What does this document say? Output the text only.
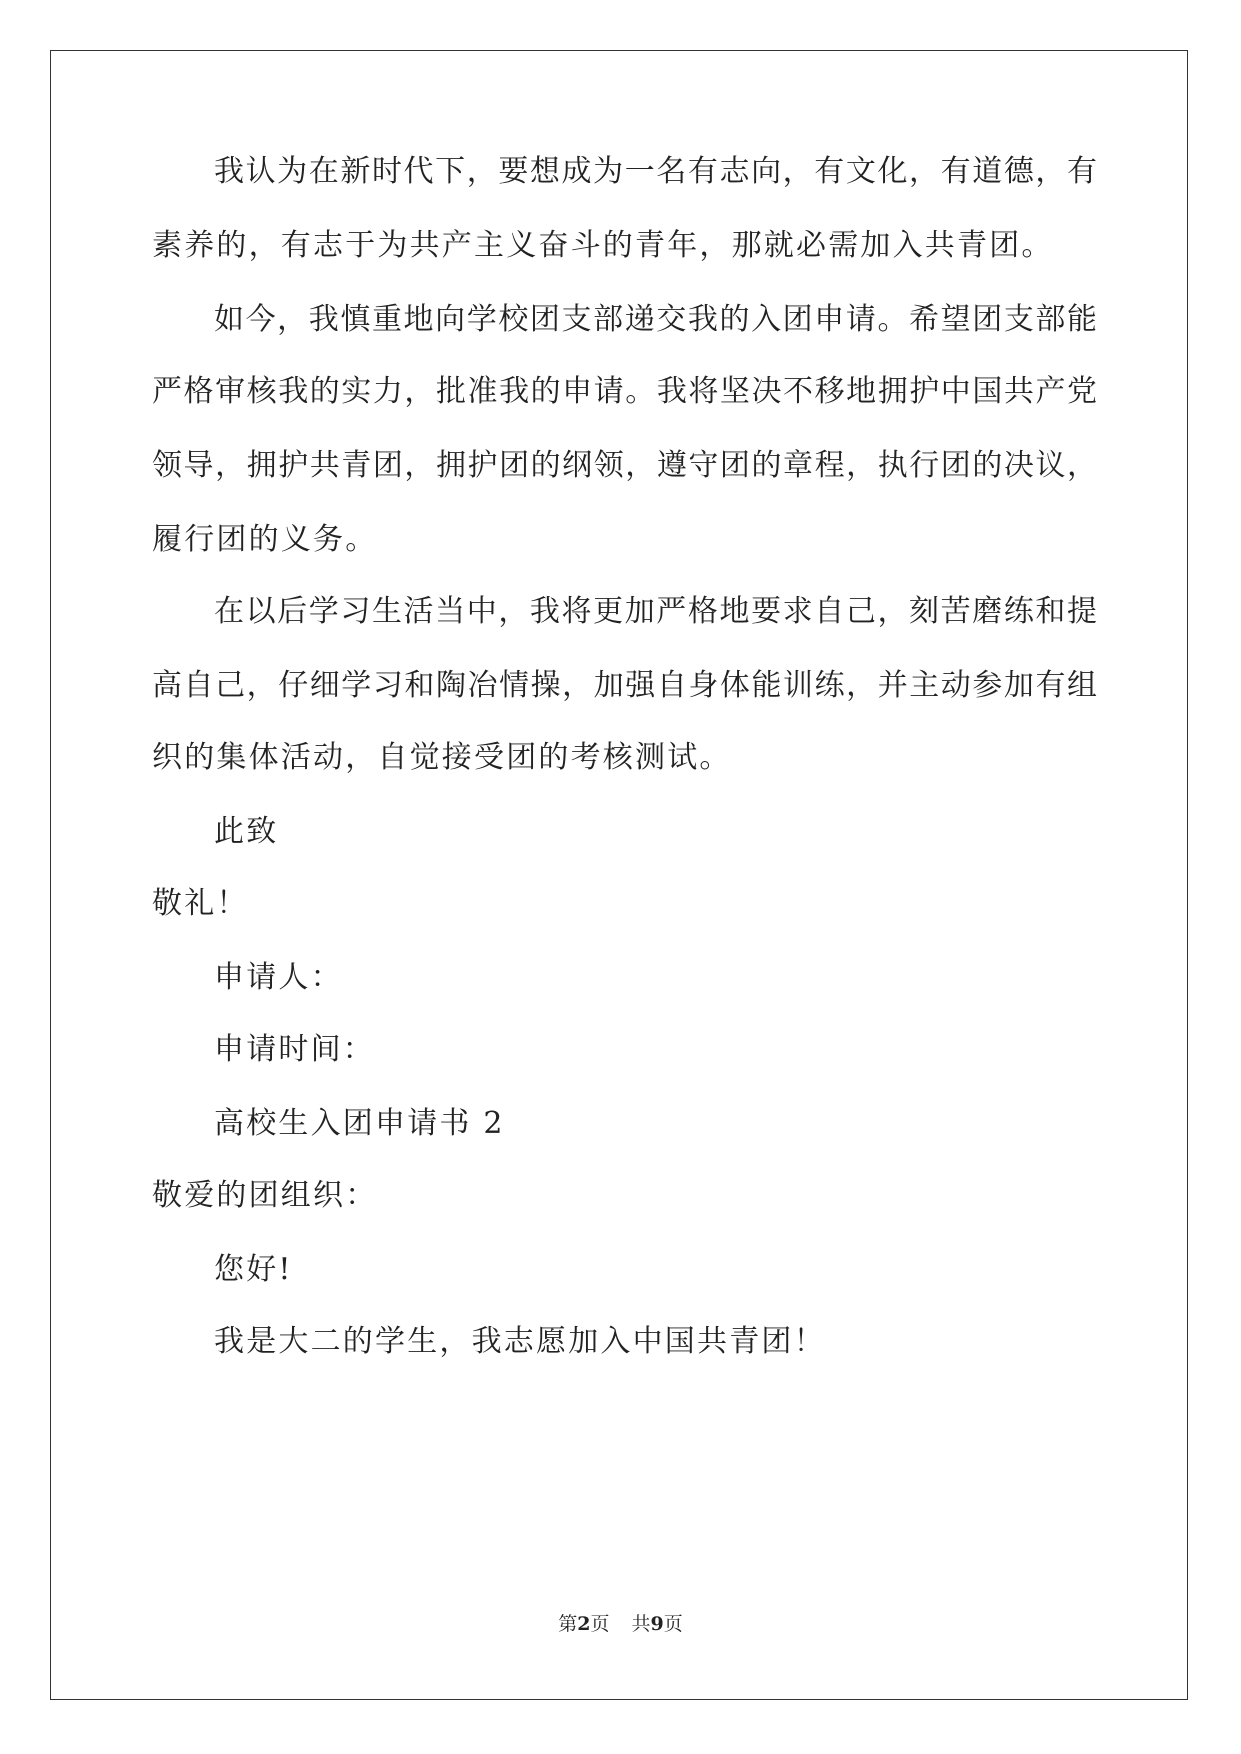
我认为在新时代下，要想成为一名有志向，有文化，有道德，有
素养的，有志于为共产主义奋斗的青年，那就必需加入共青团。
如今，我慎重地向学校团支部递交我的入团申请。希望团支部能
严格审核我的实力，批准我的申请。我将坚决不移地拥护中国共产党
领导，拥护共青团，拥护团的纲领，遵守团的章程，执行团的决议，
履行团的义务。
在以后学习生活当中，我将更加严格地要求自己，刻苦磨练和提
高自己，仔细学习和陶冶情操，加强自身体能训练，并主动参加有组
织的集体活动，自觉接受团的考核测试。
此致
敬礼！
申请人：
申请时间：
高校生入团申请书 2
敬爱的团组织：
您好!
我是大二的学生，我志愿加入中国共青团！
第2页 共9页
